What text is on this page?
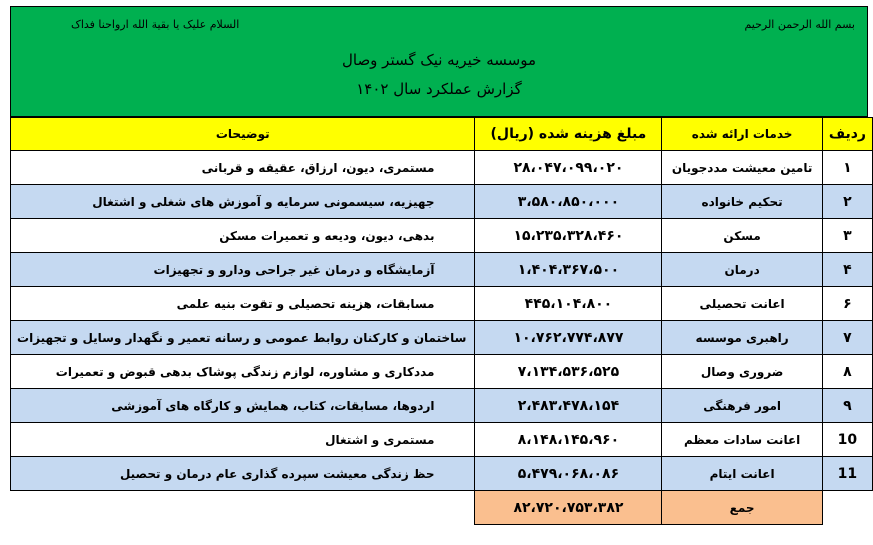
بسم الله الرحمن الرحیم
السلام علیک یا بقیة الله ارواحنا فداک
موسسه خیریه نیک گستر وصال
گزارش عملکرد سال ۱۴۰۲
ردیف	خدمات ارائه شده	مبلغ هزینه شده (ریال)	توضیحات
۱	تامین معیشت مددجویان	۲۸،۰۴۷،۰۹۹،۰۲۰	مستمری، دیون، ارزاق، عقیقه و قربانی
۲	تحکیم خانواده	۳،۵۸۰،۸۵۰،۰۰۰	جهیزیه، سیسمونی سرمایه و آموزش های شغلی و اشتغال
۳	مسکن	۱۵،۲۳۵،۳۲۸،۴۶۰	بدهی، دیون، ودیعه و تعمیرات مسکن
۴	درمان	۱،۴۰۴،۳۶۷،۵۰۰	آزمایشگاه و درمان غیر جراحی ودارو و تجهیزات
۶	اعانت تحصیلی	۴۴۵،۱۰۴،۸۰۰	مسابقات، هزینه تحصیلی و تقوت بنیه علمی
۷	راهبری موسسه	۱۰،۷۶۲،۷۷۴،۸۷۷	ساختمان و کارکنان روابط عمومی و رسانه تعمیر و نگهدار وسایل و تجهیزات
۸	ضروری وصال	۷،۱۳۴،۵۳۶،۵۲۵	مددکاری و مشاوره، لوازم زندگی پوشاک بدهی قبوض و تعمیرات
۹	امور فرهنگی	۲،۴۸۳،۴۷۸،۱۵۴	اردوها، مسابقات، کتاب، همایش و کارگاه های آموزشی
10	اعانت سادات معظم	۸،۱۴۸،۱۴۵،۹۶۰	مستمری و اشتغال
11	اعانت ایتام	۵،۴۷۹،۰۶۸،۰۸۶	حظ زندگی معیشت سپرده گذاری عام درمان و تحصیل
	جمع	۸۲،۷۲۰،۷۵۳،۳۸۲	
